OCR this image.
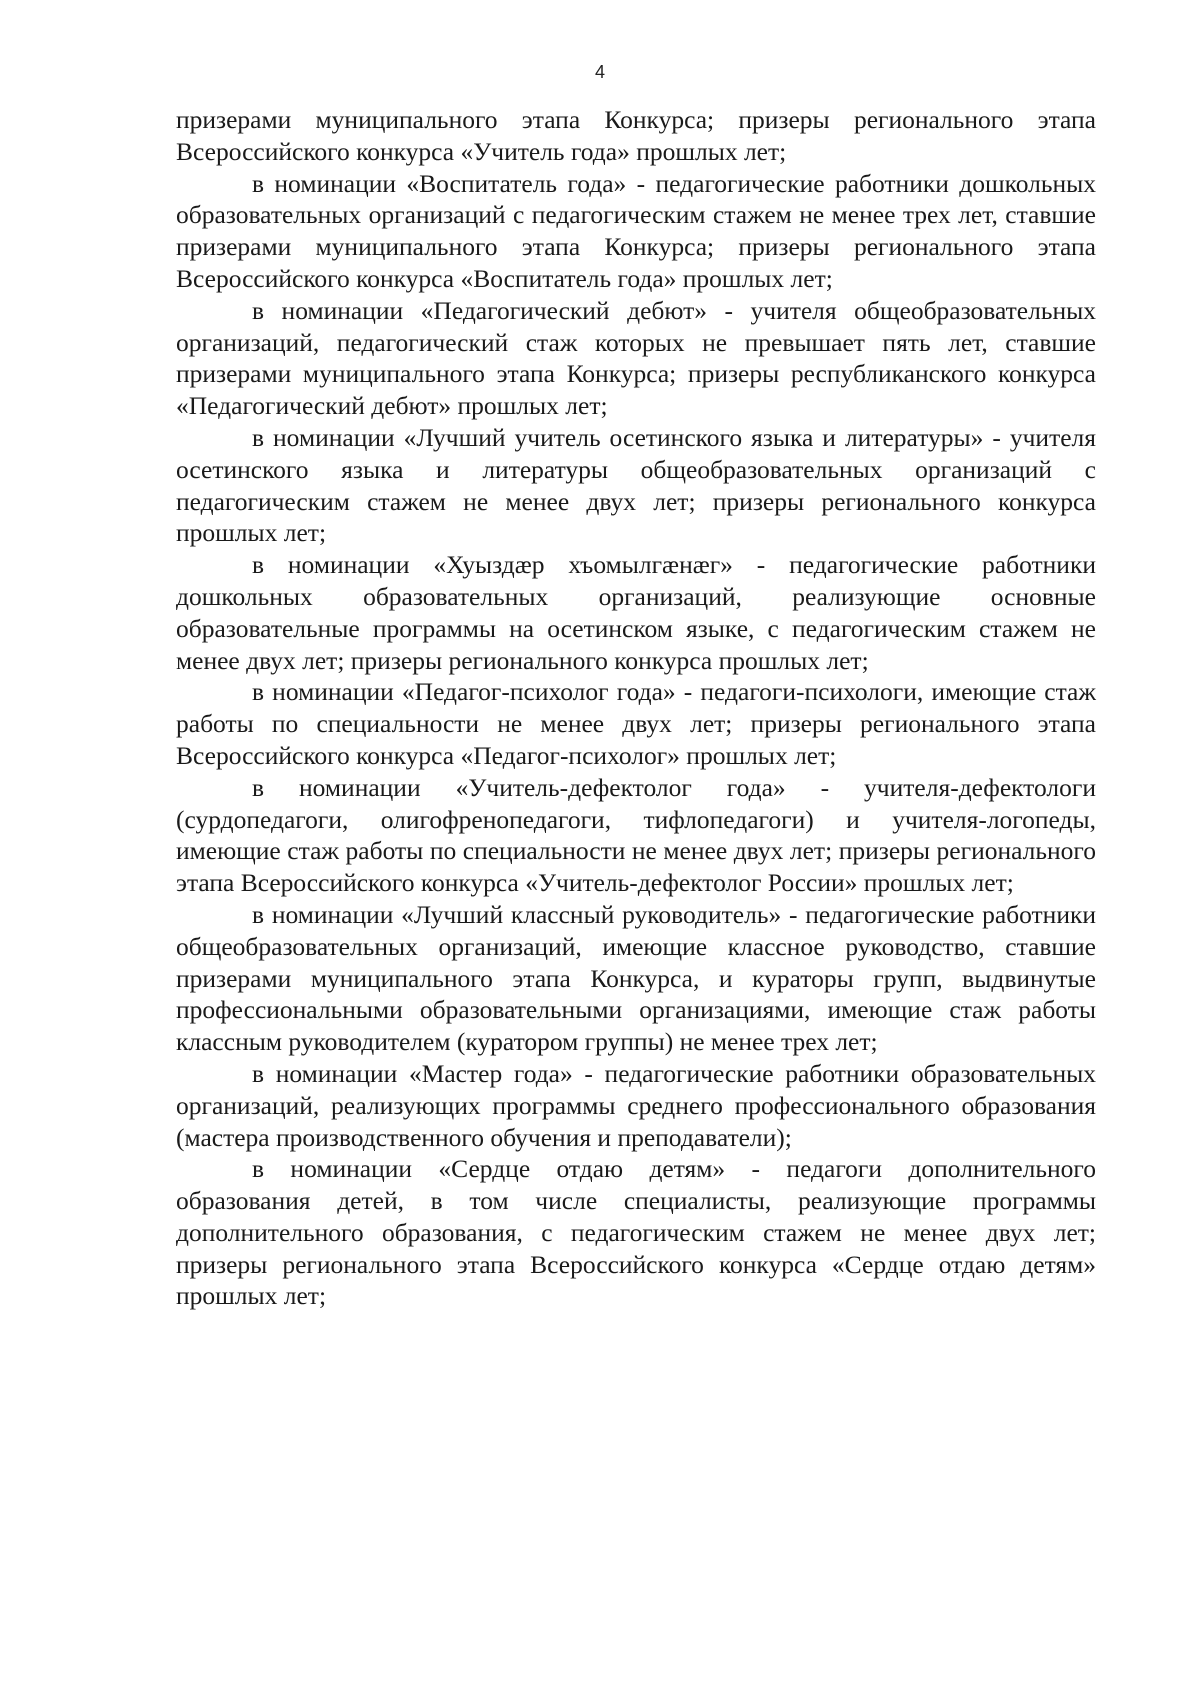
4

призерами муниципального этапа Конкурса; призеры регионального этапа Всероссийского конкурса «Учитель года» прошлых лет;

в номинации «Воспитатель года» - педагогические работники дошкольных образовательных организаций с педагогическим стажем не менее трех лет, ставшие призерами муниципального этапа Конкурса; призеры регионального этапа Всероссийского конкурса «Воспитатель года» прошлых лет;

в номинации «Педагогический дебют» - учителя общеобразовательных организаций, педагогический стаж которых не превышает пять лет, ставшие призерами муниципального этапа Конкурса; призеры республиканского конкурса «Педагогический дебют» прошлых лет;

в номинации «Лучший учитель осетинского языка и литературы» - учителя осетинского языка и литературы общеобразовательных организаций с педагогическим стажем не менее двух лет; призеры регионального конкурса прошлых лет;

в номинации «Хуыздæр хъомылгæнæг» - педагогические работники дошкольных образовательных организаций, реализующие основные образовательные программы на осетинском языке, с педагогическим стажем не менее двух лет; призеры регионального конкурса прошлых лет;

в номинации «Педагог-психолог года» - педагоги-психологи, имеющие стаж работы по специальности не менее двух лет; призеры регионального этапа Всероссийского конкурса «Педагог-психолог» прошлых лет;

в номинации «Учитель-дефектолог года» - учителя-дефектологи (сурдопедагоги, олигофренопедагоги, тифлопедагоги) и учителя-логопеды, имеющие стаж работы по специальности не менее двух лет; призеры регионального этапа Всероссийского конкурса «Учитель-дефектолог России» прошлых лет;

в номинации «Лучший классный руководитель» - педагогические работники общеобразовательных организаций, имеющие классное руководство, ставшие призерами муниципального этапа Конкурса, и кураторы групп, выдвинутые профессиональными образовательными организациями, имеющие стаж работы классным руководителем (куратором группы) не менее трех лет;

в номинации «Мастер года» - педагогические работники образовательных организаций, реализующих программы среднего профессионального образования (мастера производственного обучения и преподаватели);

в номинации «Сердце отдаю детям» - педагоги дополнительного образования детей, в том числе специалисты, реализующие программы дополнительного образования, с педагогическим стажем не менее двух лет; призеры регионального этапа Всероссийского конкурса «Сердце отдаю детям» прошлых лет;
